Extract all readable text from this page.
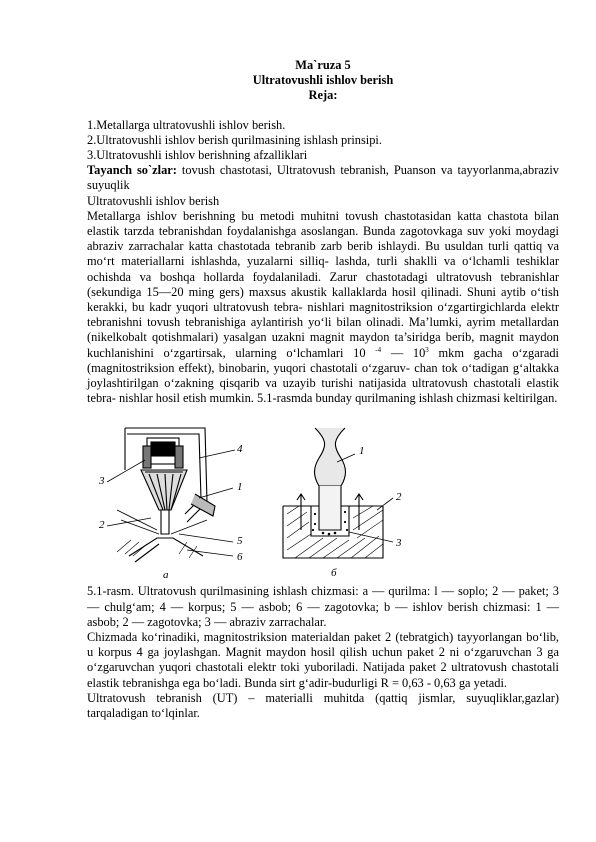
Ma`ruza 5
Ultratovushli ishlov berish
Reja:

1.Metallarga ultratovushli ishlov berish.

2.Ultratovushli ishlov berish qurilmasining ishlash prinsipi.

3.Ultratovushli ishlov berishning afzalliklari

Tayanch so`zlar: tovush chastotasi, Ultratovush tebranish, Puanson va tayyorlanma,abraziv suyuqlik

Ultratovushli ishlov berish

Metallarga ishlov berishning bu metodi muhitni tovush chastotasidan katta chastota bilan elastik tarzda tebranishdan foydalanishga asoslangan. Bunda zagotovkaga suv yoki moydagi abraziv zarrachalar katta chastotada tebranib zarb berib ishlaydi. Bu usuldan turli qattiq va mo‘rt materiallarni ishlashda, yuzalarni silliq- lashda, turli shaklli va o‘lchamli teshiklar ochishda va boshqa hollarda foydalaniladi. Zarur chastotadagi ultratovush tebranishlar (sekundiga 15—20 ming gers) maxsus akustik kallaklarda hosil qilinadi. Shuni aytib o‘tish kerakki, bu kadr yuqori ultratovush tebra- nishlari magnitostriksion o‘zgartirgichlarda elektr tebranishni tovush tebranishiga aylantirish yo‘li bilan olinadi. Ma’lumki, ayrim metallardan (nikelkobalt qotishmalari) yasalgan uzakni magnit maydon ta’siridga berib, magnit maydon kuchlanishini o‘zgartirsak, ularning o‘lchamlari 10 $^{-4}$ — $10^3$ mkm gacha o‘zgaradi (magnitostriksion effekt), binobarin, yuqori chastotali o‘zgaruv- chan tok o‘tadigan g‘altakka joylashtirilgan o‘zakning qisqarib va uzayib turishi natijasida ultratovush chastotali elastik tebra- nishlar hosil etish mumkin. 5.1-rasmda bunday qurilmaning ishlash chizmasi keltirilgan.

3
4
1
2
5
6
a
1
2
3
б

5.1-rasm. Ultratovush qurilmasining ishlash chizmasi: a — qurilma: l — soplo; 2 — paket; 3 — chulg‘am; 4 — korpus; 5 — asbob; 6 — zagotovka; b — ishlov berish chizmasi: 1 — asbob; 2 — zagotovka; 3 — abraziv zarrachalar.

Chizmada ko‘rinadiki, magnitostriksion materialdan paket 2 (tebratgich) tayyorlangan bo‘lib, u korpus 4 ga joylashgan. Magnit maydon hosil qilish uchun paket 2 ni o‘zgaruvchan 3 ga o‘zgaruvchan yuqori chastotali elektr toki yuboriladi. Natijada paket 2 ultratovush chastotali elastik tebranishga ega bo‘ladi. Bunda sirt g‘adir-budurligi R = 0,63 - 0,63 ga yetadi.

Ultratovush tebranish (UT) – materialli muhitda (qattiq jismlar, suyuqliklar,gazlar) tarqaladigan to‘lqinlar.
